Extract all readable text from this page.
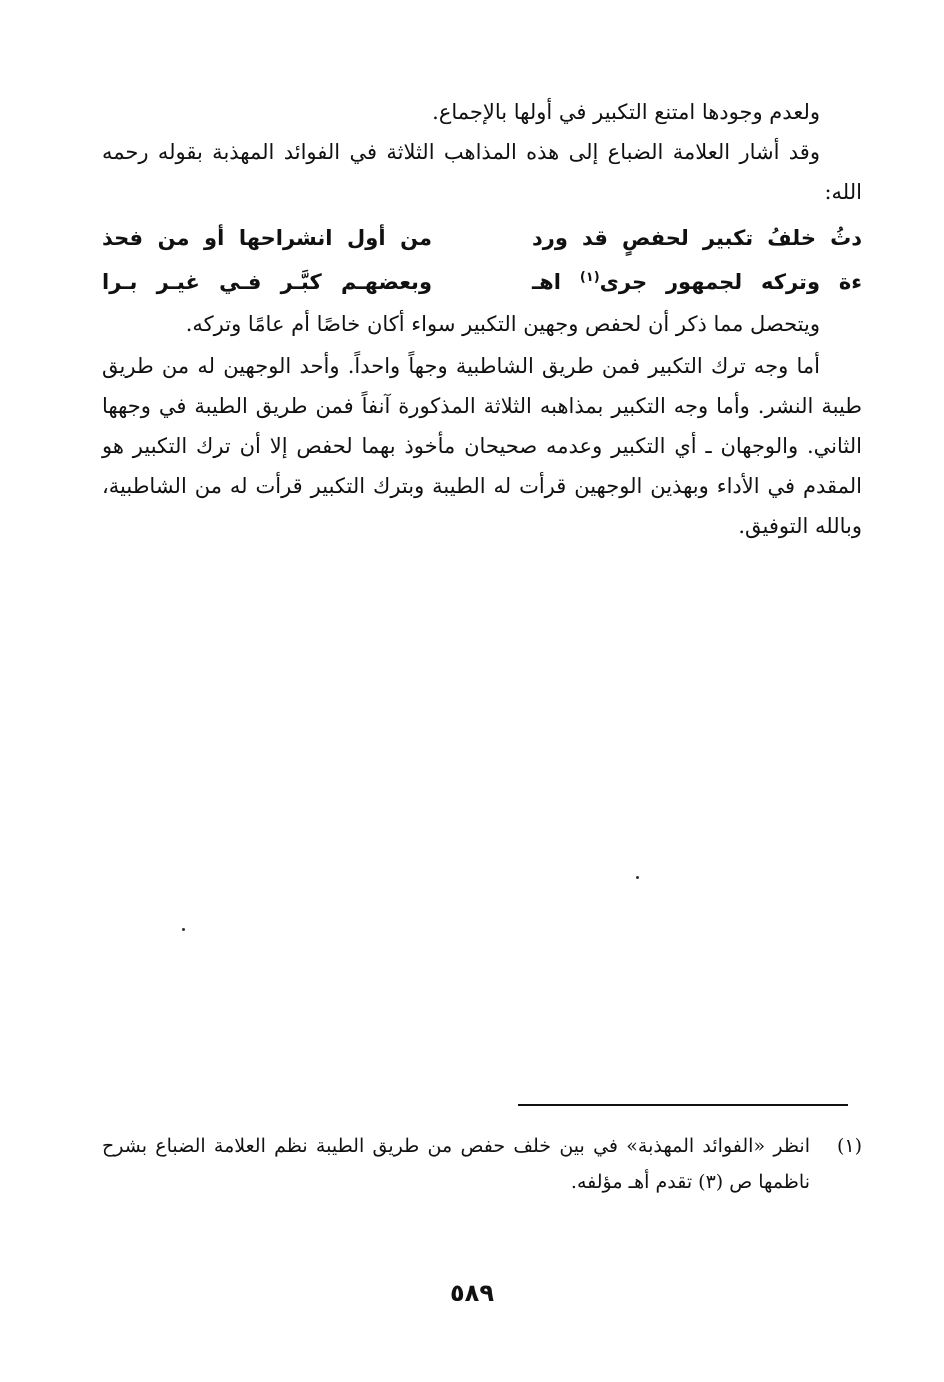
ولعدم وجودها امتنع التكبير في أولها بالإجماع.

وقد أشار العلامة الضباع إلى هذه المذاهب الثلاثة في الفوائد المهذبة بقوله رحمه الله:

دثُ خلفُ تكبير لحفصٍ قد ورد
من أول انشراحها أو من فحذ
ءة وتركه لجمهور جرى$^{(١)}$ اهـ
وبعضهـم كبَّـر فـي غيـر بـرا

ويتحصل مما ذكر أن لحفص وجهين التكبير سواء أكان خاصًا أم عامًا وتركه.

أما وجه ترك التكبير فمن طريق الشاطبية وجهاً واحداً. وأحد الوجهين له من طريق طيبة النشر. وأما وجه التكبير بمذاهبه الثلاثة المذكورة آنفاً فمن طريق الطيبة في وجهها الثاني. والوجهان ـ أي التكبير وعدمه صحيحان مأخوذ بهما لحفص إلا أن ترك التكبير هو المقدم في الأداء وبهذين الوجهين قرأت له الطيبة وبترك التكبير قرأت له من الشاطبية، وبالله التوفيق.

(١)
انظر «الفوائد المهذبة» في بين خلف حفص من طريق الطيبة نظم العلامة الضباع بشرح ناظمها ص (٣) تقدم أهـ مؤلفه.
٥٨٩
